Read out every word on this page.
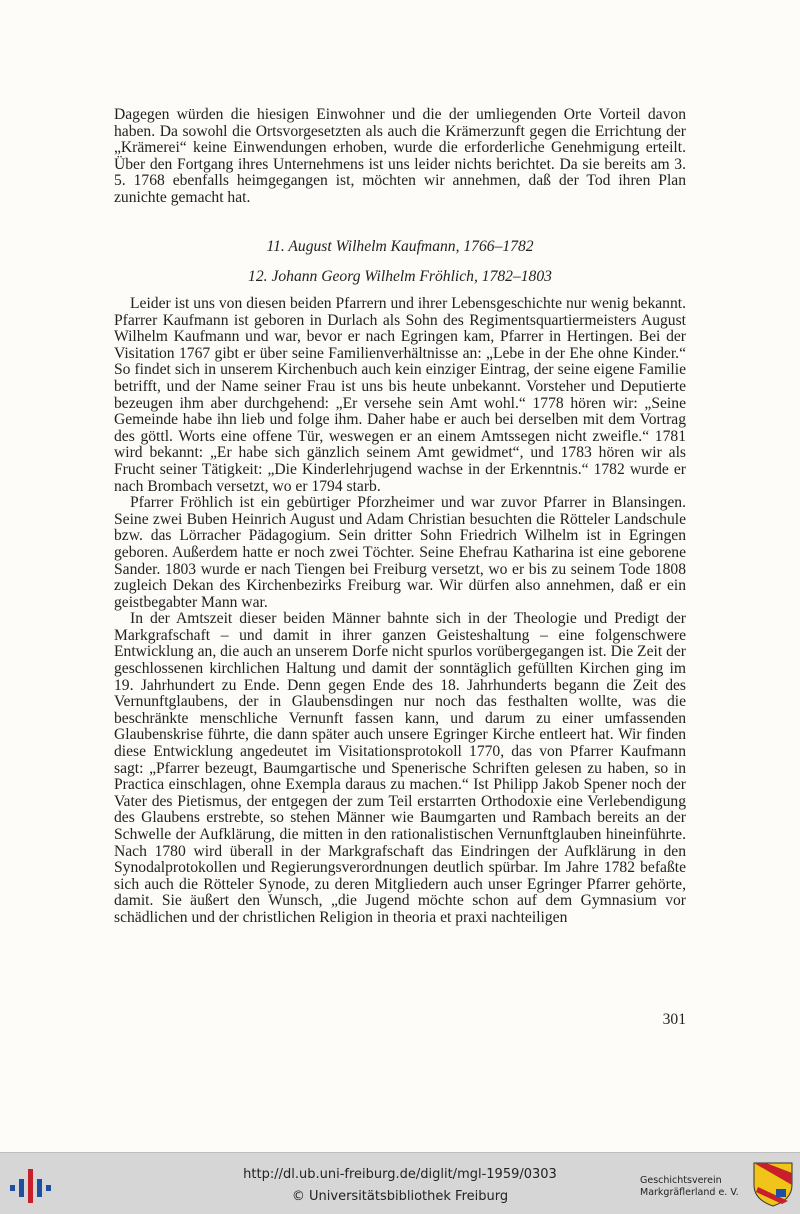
Dagegen würden die hiesigen Einwohner und die der umliegenden Orte Vorteil davon haben. Da sowohl die Ortsvorgesetzten als auch die Krämerzunft gegen die Errichtung der „Krämerei“ keine Einwendungen erhoben, wurde die erforderliche Genehmigung erteilt. Über den Fortgang ihres Unternehmens ist uns leider nichts berichtet. Da sie bereits am 3. 5. 1768 ebenfalls heimgegangen ist, möchten wir annehmen, daß der Tod ihren Plan zunichte gemacht hat.

11. August Wilhelm Kaufmann, 1766–1782
12. Johann Georg Wilhelm Fröhlich, 1782–1803

Leider ist uns von diesen beiden Pfarrern und ihrer Lebensgeschichte nur wenig bekannt. Pfarrer Kaufmann ist geboren in Durlach als Sohn des Regimentsquartiermeisters August Wilhelm Kaufmann und war, bevor er nach Egringen kam, Pfarrer in Hertingen. Bei der Visitation 1767 gibt er über seine Familienverhältnisse an: „Lebe in der Ehe ohne Kinder.“ So findet sich in unserem Kirchenbuch auch kein einziger Eintrag, der seine eigene Familie betrifft, und der Name seiner Frau ist uns bis heute unbekannt. Vorsteher und Deputierte bezeugen ihm aber durchgehend: „Er versehe sein Amt wohl.“ 1778 hören wir: „Seine Gemeinde habe ihn lieb und folge ihm. Daher habe er auch bei derselben mit dem Vortrag des göttl. Worts eine offene Tür, weswegen er an einem Amtssegen nicht zweifle.“ 1781 wird bekannt: „Er habe sich gänzlich seinem Amt gewidmet“, und 1783 hören wir als Frucht seiner Tätigkeit: „Die Kinderlehrjugend wachse in der Erkenntnis.“ 1782 wurde er nach Brombach versetzt, wo er 1794 starb.

Pfarrer Fröhlich ist ein gebürtiger Pforzheimer und war zuvor Pfarrer in Blansingen. Seine zwei Buben Heinrich August und Adam Christian besuchten die Rötteler Landschule bzw. das Lörracher Pädagogium. Sein dritter Sohn Friedrich Wilhelm ist in Egringen geboren. Außerdem hatte er noch zwei Töchter. Seine Ehefrau Katharina ist eine geborene Sander. 1803 wurde er nach Tiengen bei Freiburg versetzt, wo er bis zu seinem Tode 1808 zugleich Dekan des Kirchenbezirks Freiburg war. Wir dürfen also annehmen, daß er ein geistbegabter Mann war.

In der Amtszeit dieser beiden Männer bahnte sich in der Theologie und Predigt der Markgrafschaft – und damit in ihrer ganzen Geisteshaltung – eine folgenschwere Entwicklung an, die auch an unserem Dorfe nicht spurlos vorübergegangen ist. Die Zeit der geschlossenen kirchlichen Haltung und damit der sonntäglich gefüllten Kirchen ging im 19. Jahrhundert zu Ende. Denn gegen Ende des 18. Jahrhunderts begann die Zeit des Vernunftglaubens, der in Glaubensdingen nur noch das festhalten wollte, was die beschränkte menschliche Vernunft fassen kann, und darum zu einer umfassenden Glaubenskrise führte, die dann später auch unsere Egringer Kirche entleert hat. Wir finden diese Entwicklung angedeutet im Visitationsprotokoll 1770, das von Pfarrer Kaufmann sagt: „Pfarrer bezeugt, Baumgartische und Spenerische Schriften gelesen zu haben, so in Practica einschlagen, ohne Exempla daraus zu machen.“ Ist Philipp Jakob Spener noch der Vater des Pietismus, der entgegen der zum Teil erstarrten Orthodoxie eine Verlebendigung des Glaubens erstrebte, so stehen Männer wie Baumgarten und Rambach bereits an der Schwelle der Aufklärung, die mitten in den rationalistischen Vernunftglauben hineinführte. Nach 1780 wird überall in der Markgrafschaft das Eindringen der Aufklärung in den Synodalprotokollen und Regierungsverordnungen deutlich spürbar. Im Jahre 1782 befaßte sich auch die Rötteler Synode, zu deren Mitgliedern auch unser Egringer Pfarrer gehörte, damit. Sie äußert den Wunsch, „die Jugend möchte schon auf dem Gymnasium vor schädlichen und der christlichen Religion in theoria et praxi nachteiligen

301
http://dl.ub.uni-freiburg.de/diglit/mgl-1959/0303
© Universitätsbibliothek Freiburg
Geschichtsverein
Markgräflerland e. V.
